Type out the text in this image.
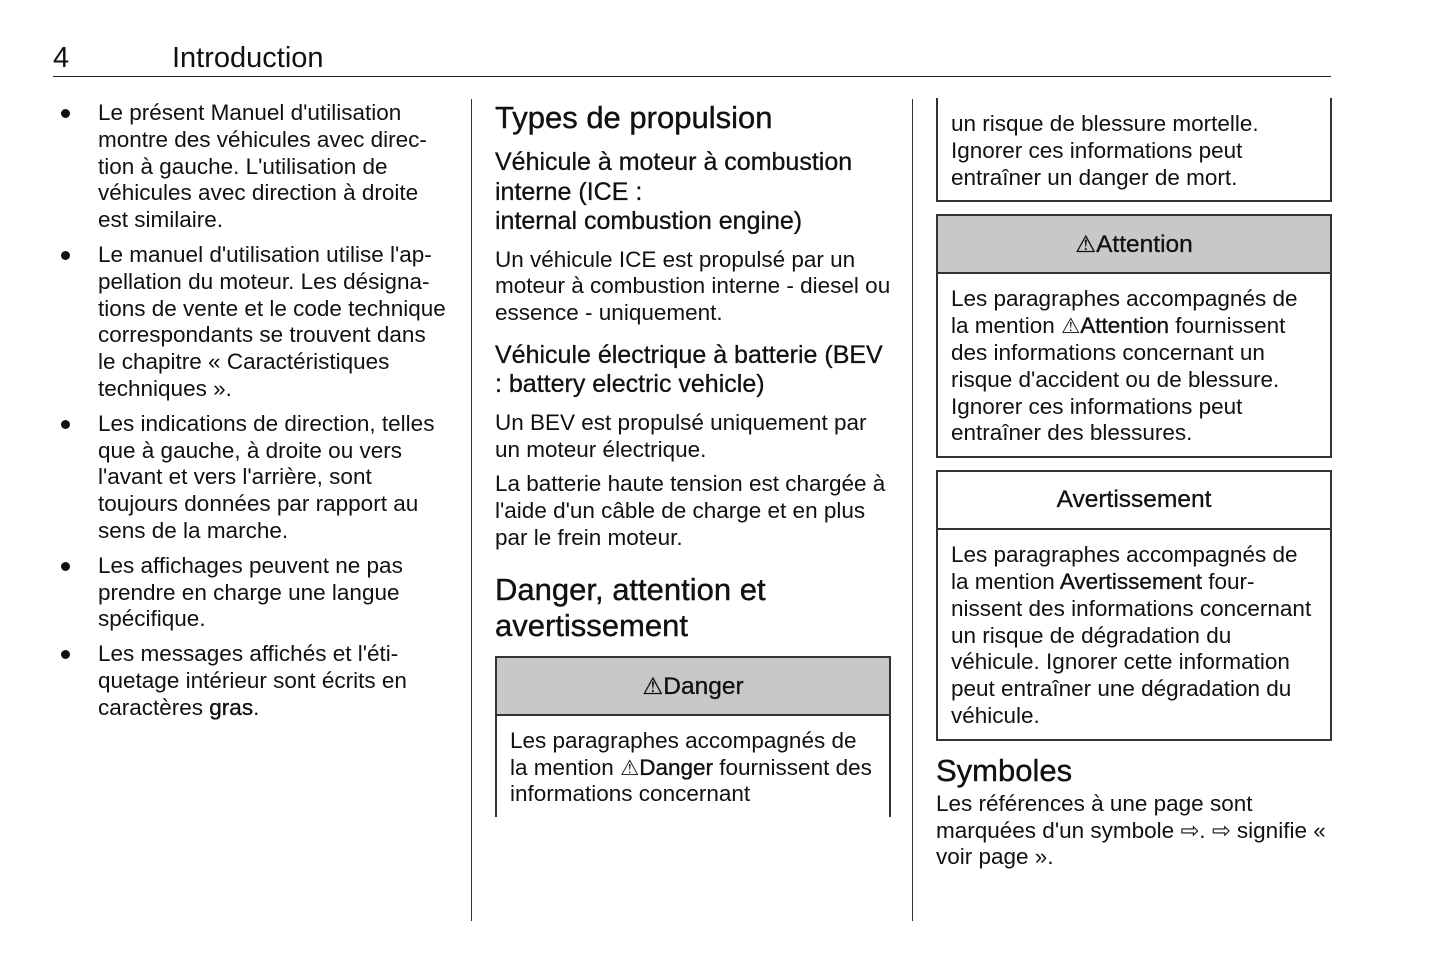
4	Introduction
Le présent Manuel d'utilisation montre des véhicules avec direction à gauche. L'utilisation de véhicules avec direction à droite est similaire.
Le manuel d'utilisation utilise l'appellation du moteur. Les désignations de vente et le code technique correspondants se trouvent dans le chapitre « Caractéristiques techniques ».
Les indications de direction, telles que à gauche, à droite ou vers l'avant et vers l'arrière, sont toujours données par rapport au sens de la marche.
Les affichages peuvent ne pas prendre en charge une langue spécifique.
Les messages affichés et l'étiquetage intérieur sont écrits en caractères gras.
Types de propulsion
Véhicule à moteur à combustion interne (ICE :
internal combustion engine)

Un véhicule ICE est propulsé par un moteur à combustion interne - diesel ou essence - uniquement.

Véhicule électrique à batterie (BEV : battery electric vehicle)

Un BEV est propulsé uniquement par un moteur électrique.

La batterie haute tension est chargée à l'aide d'un câble de charge et en plus par le frein moteur.

Danger, attention et avertissement
⚠Danger
Les paragraphes accompagnés de la mention ⚠Danger fournissent des informations concernant
un risque de blessure mortelle. Ignorer ces informations peut entraîner un danger de mort.
⚠Attention
Les paragraphes accompagnés de la mention ⚠Attention fournissent des informations concernant un risque d'accident ou de blessure. Ignorer ces informations peut entraîner des blessures.
Avertissement
Les paragraphes accompagnés de la mention Avertissement fournissent des informations concernant un risque de dégradation du véhicule. Ignorer cette information peut entraîner une dégradation du véhicule.
Symboles

Les références à une page sont marquées d'un symbole ⇨. ⇨ signifie « voir page ».
